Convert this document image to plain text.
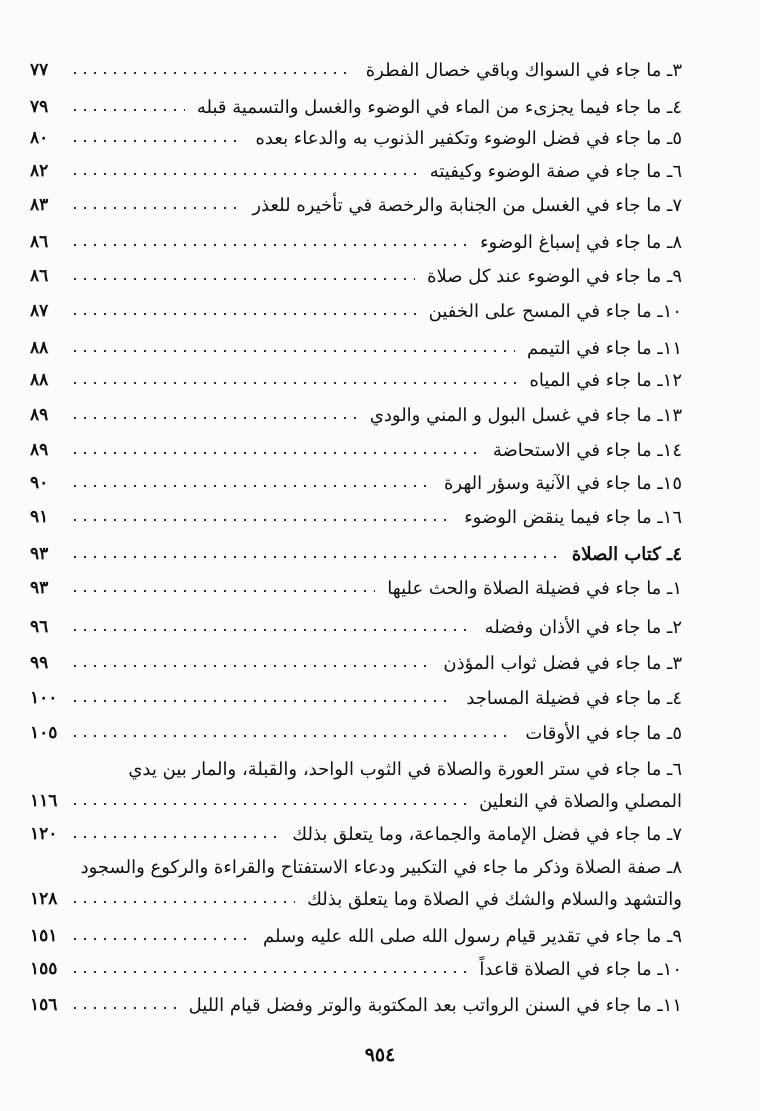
٣ـ ما جاء في السواك وباقي خصال الفطرة
٧٧
٤ـ ما جاء فيما يجزىء من الماء في الوضوء والغسل والتسمية قبله
٧٩
٥ـ ما جاء في فضل الوضوء وتكفير الذنوب به والدعاء بعده
٨٠
٦ـ ما جاء في صفة الوضوء وكيفيته
٨٢
٧ـ ما جاء في الغسل من الجنابة والرخصة في تأخيره للعذر
٨٣
٨ـ ما جاء في إسباغ الوضوء
٨٦
٩ـ ما جاء في الوضوء عند كل صلاة
٨٦
١٠ـ ما جاء في المسح على الخفين
٨٧
١١ـ ما جاء في التيمم
٨٨
١٢ـ ما جاء في المياه
٨٨
١٣ـ ما جاء في غسل البول و المني والودي
٨٩
١٤ـ ما جاء في الاستحاضة
٨٩
١٥ـ ما جاء في الآنية وسؤر الهرة
٩٠
١٦ـ ما جاء فيما ينقض الوضوء
٩١
٤ـ كتاب الصلاة
٩٣
١ـ ما جاء في فضيلة الصلاة والحث عليها
٩٣
٢ـ ما جاء في الأذان وفضله
٩٦
٣ـ ما جاء في فضل ثواب المؤذن
٩٩
٤ـ ما جاء في فضيلة المساجد
١٠٠
٥ـ ما جاء في الأوقات
١٠٥
٦ـ ما جاء في ستر العورة والصلاة في الثوب الواحد، والقبلة، والمار بين يدي
المصلي والصلاة في النعلين
١١٦
٧ـ ما جاء في فضل الإمامة والجماعة، وما يتعلق بذلك
١٢٠
٨ـ صفة الصلاة وذكر ما جاء في التكبير ودعاء الاستفتاح والقراءة والركوع والسجود
والتشهد والسلام والشك في الصلاة وما يتعلق بذلك
١٢٨
٩ـ ما جاء في تقدير قيام رسول الله صلى الله عليه وسلم
١٥١
١٠ـ ما جاء في الصلاة قاعداً
١٥٥
١١ـ ما جاء في السنن الرواتب بعد المكتوبة والوتر وفضل قيام الليل
١٥٦
٩٥٤
